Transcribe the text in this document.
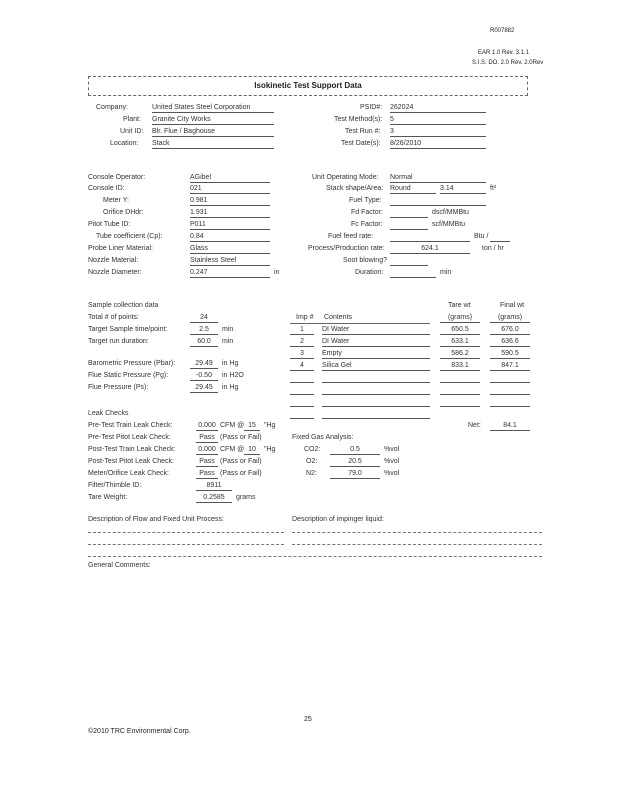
R007882
EAR 1.0 Rev. 3.1.1
S.I.S. DO. 2.0 Rev. 2.0Rev
Isokinetic Test Support Data
Company:	United States Steel Corporation
Plant: Granite City Works
Unit ID: Blr. Flue / Baghouse
Location: Stack
PSID#: 262024
Test Method(s): 5
Test Run #: 3
Test Date(s): 8/26/2010
Console Operator:	AGibel
Console ID:	021
Meter Y:	0.981
Orifice DHdr:	1.931
Pitot Tube ID:	P011
Tube coefficient (Cp):	0.84
Probe Liner Material:	Glass
Nozzle Material:	Stainless Steel
Nozzle Diameter:	0.247	in
Unit Operating Mode: Normal
Stack shape/Area: Round	3.14	ft²
Fuel Type:
Fd Factor:	dscf/MMBtu
Fc Factor:	scf/MMBtu
Fuel feed rate:	Btu /
Process/Production rate:	624.1	ton / hr
Soot blowing?
Duration:	min
Sample collection data
Total # of points:	24
Target Sample time/point:	2.5	min
Target run duration:	60.0	min
Barometric Pressure (Pbar):	29.49	in Hg
Flue Static Pressure (Pg):	-0.50	in H2O
Flue Pressure (Ps):	29.45	in Hg
Imp # Contents
Tare wt	Final wt
(grams)	(grams)
1	DI Water	650.5	676.0
2	DI Water	633.1	636.6
3	Empty	586.2	590.5
4	Silica Gel	833.1	847.1
Net:	84.1
Leak Checks
Pre-Test Train Leak Check:	0.000 CFM @ 15	"Hg
Pre-Test Pitot Leak Check:	Pass (Pass or Fail)
Post-Test Train Leak Check:	0.000 CFM @ 10	"Hg
Post-Test Pitot Leak Check:	Pass (Pass or Fail)
Meter/Orifice Leak Check:	Pass (Pass or Fail)
Filter/Thimble ID:	8911
Tare Weight:	0.2585	grams
Fixed Gas Analysis:
CO2:	0.5	%vol
O2:	20.5	%vol
N2:	79.0	%vol
Description of Flow and Fixed Unit Process:	Description of impinger liquid:
General Comments:
25
©2010 TRC Environmental Corp.
